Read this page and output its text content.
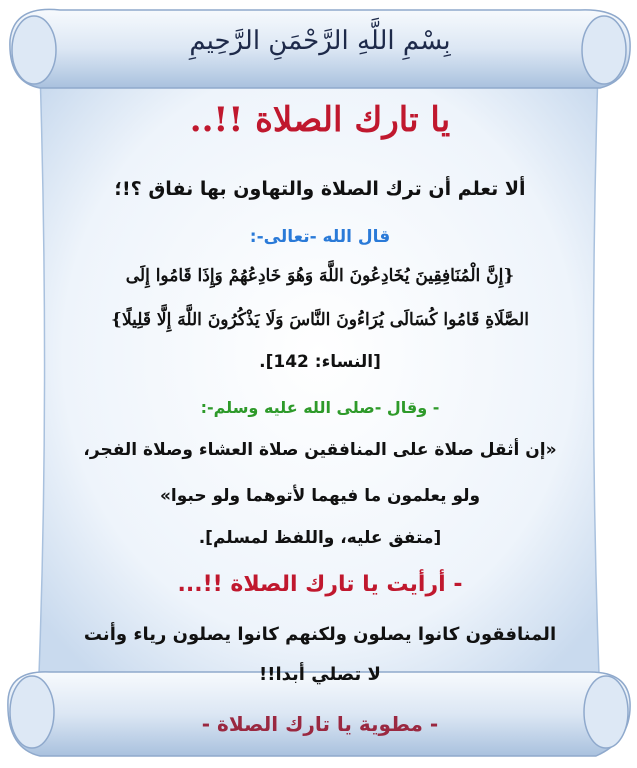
بِسْمِ اللَّهِ الرَّحْمَنِ الرَّحِيمِ
يا تارك الصلاة !!..
ألا تعلم أن ترك الصلاة والتهاون بها نفاق ؟!؛
قال الله -تعالى-:
{إِنَّ الْمُنَافِقِينَ يُخَادِعُونَ اللَّهَ وَهُوَ خَادِعُهُمْ وَإِذَا قَامُوا إِلَى
الصَّلَاةِ قَامُوا كُسَالَى يُرَاءُونَ النَّاسَ وَلَا يَذْكُرُونَ اللَّهَ إِلَّا قَلِيلًا}
[النساء: 142].
- وقال -صلى الله عليه وسلم-:
«إن أثقل صلاة على المنافقين صلاة العشاء وصلاة الفجر،
ولو يعلمون ما فيهما لأتوهما ولو حبوا»
[متفق عليه، واللفظ لمسلم].
- أرأيت يا تارك الصلاة !!...
المنافقون كانوا يصلون ولكنهم كانوا يصلون رياء وأنت
لا تصلي أبدا!!
- مطوية يا تارك الصلاة -
